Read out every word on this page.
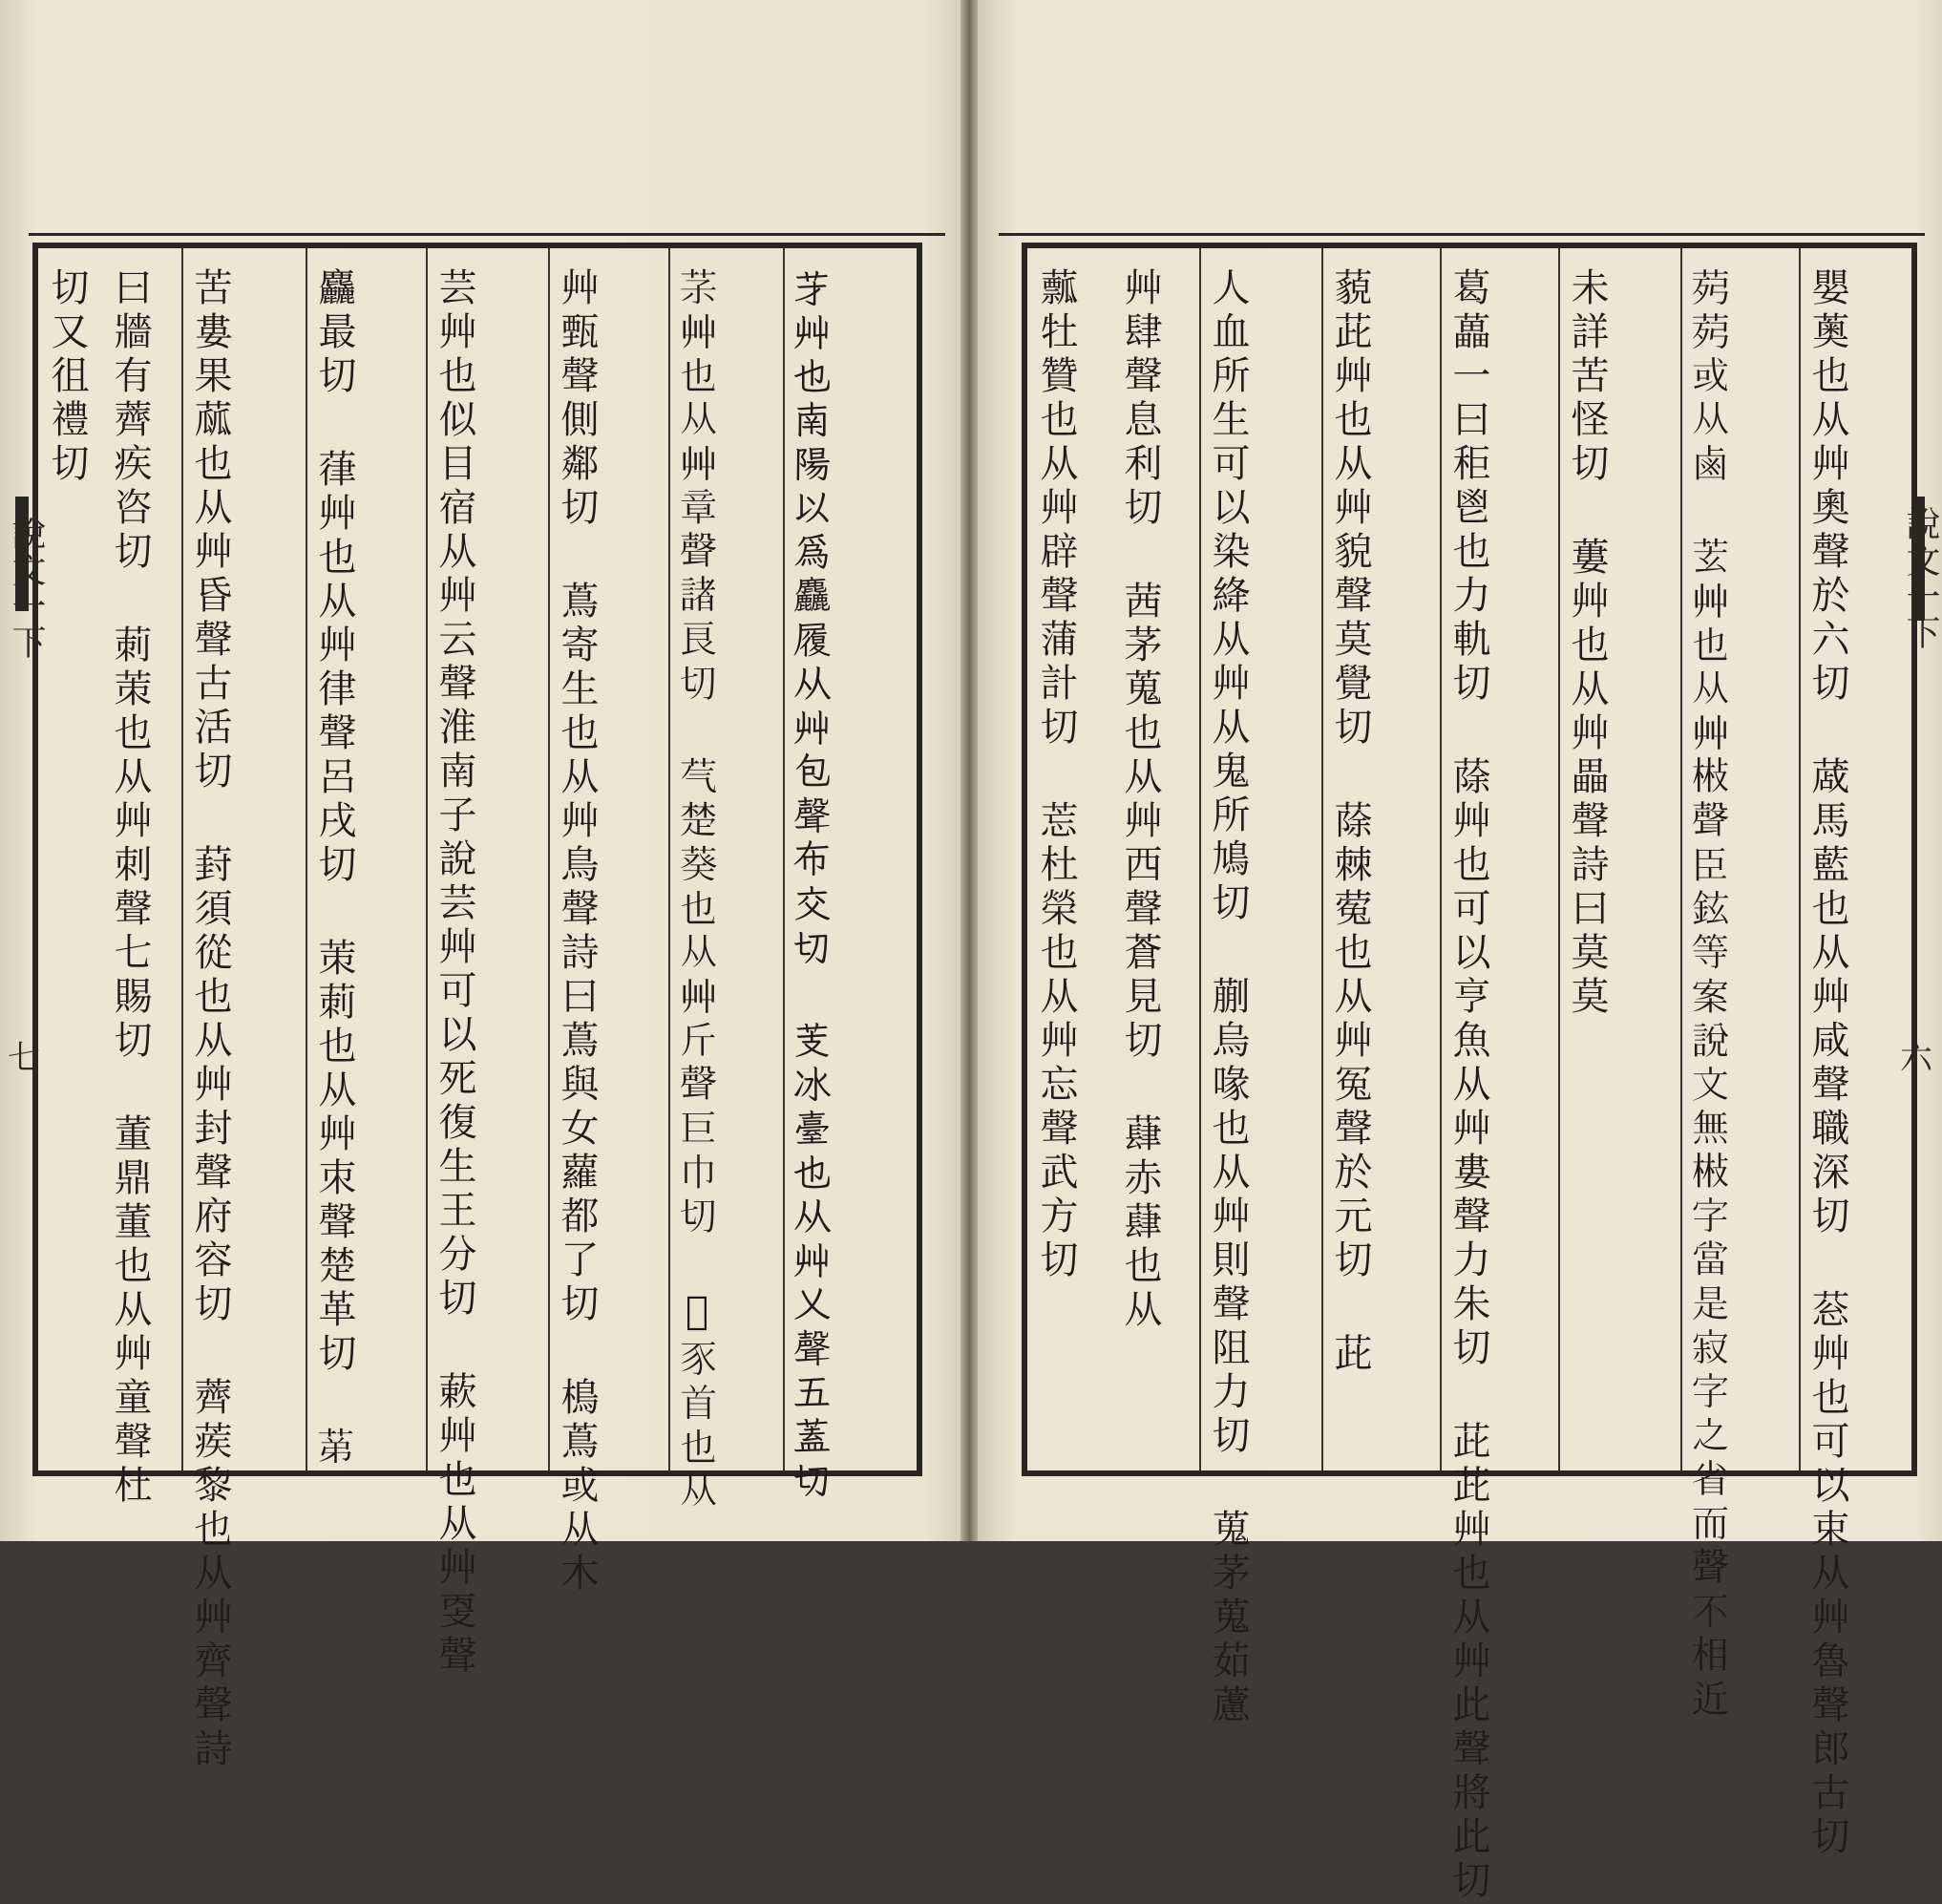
𦬁艸也南陽以爲麤履从艸包聲布交切 芰冰臺也从艸乂聲五蓋切
𦬽艸也从艸章聲諸良切 芞楚葵也从艸斤聲巨巾切 𦵂豕首也从
艸甄聲側鄰切 蔦寄生也从艸鳥聲詩曰蔦與女蘿都了切 樢蔦或从木
芸艸也似目宿从艸云聲淮南子說芸艸可以死復生王分切 蔌艸也从艸㪅聲
麤最切 葎艸也从艸律聲呂戌切 茦莿也从艸朿聲楚革切 𦯔
苦婁果蓏也从艸昏聲古活切 葑須從也从艸封聲府容切 薺蒺黎也从艸齊聲詩
曰牆有薺疾咨切 莿茦也从艸刺聲七賜切 董鼎董也从艸童聲杜
切又徂禮切
說文一下
七	嬰薁也从艸奧聲於六切 蒧馬藍也从艸咸聲職深切 䓗艸也可以束从艸魯聲郎古切
𦯢𦯢或从鹵 𦬾艸也从艸㪔聲臣鉉等案說文無㪔字當是寂字之省而聲不相近
未詳苦怪切 蔞艸也从艸畾聲詩曰莫莫
葛藟一曰秬鬯也力軌切 蒢艸也可以亨魚从艸婁聲力朱切 茈茈艸也从艸此聲將此切
藐茈艸也从艸貌聲莫覺切 蒢棘蒬也从艸冤聲於元切 茈
人血所生可以染絳从艸从鬼所鳩切 蒯烏喙也从艸則聲阻力切 蒐茅蒐茹藘
艸肆聲息利切 茜茅蒐也从艸西聲蒼見切 蕼赤蕼也从
䕯牡贊也从艸辟聲蒲計切 莣杜榮也从艸忘聲武方切	說文一下
六
